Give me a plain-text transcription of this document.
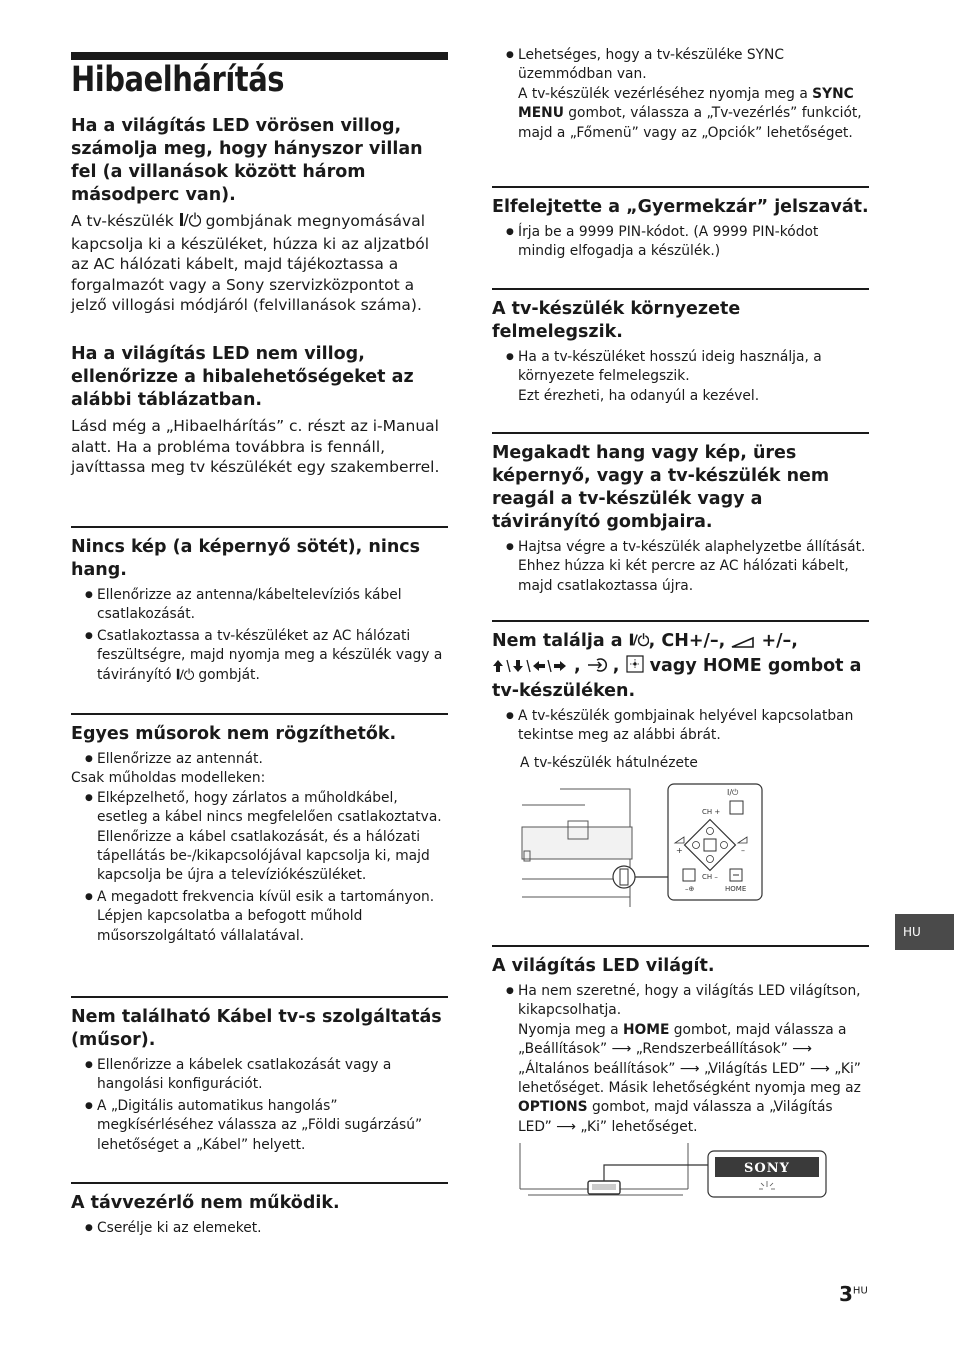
Hibaelhárítás

Ha a világítás LED vörösen villog, számolja meg, hogy hányszor villan fel (a villanások között három másodperc van).

A tv-készülék  gombjának megnyomásával kapcsolja ki a készüléket, húzza ki az aljzatból az AC hálózati kábelt, majd tájékoztassa a forgalmazót vagy a Sony szervizközpontot a jelző villogási módjáról (felvillanások száma).

Ha a világítás LED nem villog, ellenőrizze a hibalehetőségeket az alábbi táblázatban.

Lásd még a „Hibaelhárítás” c. részt az i-Manual alatt. Ha a probléma továbbra is fennáll, javíttassa meg tv készülékét egy szakemberrel.

Nincs kép (a képernyő sötét), nincs hang.

● Ellenőrizze az antenna/kábeltelevíziós kábel csatlakozását.
● Csatlakoztassa a tv-készüléket az AC hálózati feszültségre, majd nyomja meg a készülék vagy a távirányító  gombját.

Egyes műsorok nem rögzíthetők.

● Ellenőrizze az antennát.

Csak műholdas modelleken:

● Elképzelhető, hogy zárlatos a műholdkábel, esetleg a kábel nincs megfelelően csatlakoztatva. Ellenőrizze a kábel csatlakozását, és a hálózati tápellátás be-/kikapcsolójával kapcsolja ki, majd kapcsolja be újra a televíziókészüléket.
● A megadott frekvencia kívül esik a tartományon. Lépjen kapcsolatba a befogott műhold műsorszolgáltató vállalatával.

Nem található Kábel tv-s szolgáltatás (műsor).

● Ellenőrizze a kábelek csatlakozását vagy a hangolási konfigurációt.
● A „Digitális automatikus hangolás” megkísérléséhez válassza az „Földi sugárzású” lehetőséget a „Kábel” helyett.

A távvezérlő nem működik.

● Cserélje ki az elemeket.
● Lehetséges, hogy a tv-készüléke SYNC üzemmódban van.
A tv-készülék vezérléséhez nyomja meg a SYNC MENU gombot, válassza a „Tv-vezérlés” funkciót, majd a „Főmenü” vagy az „Opciók” lehetőséget.

Elfelejtette a „Gyermekzár” jelszavát.

● Írja be a 9999 PIN-kódot. (A 9999 PIN-kódot mindig elfogadja a készülék.)

A tv-készülék környezete felmelegszik.

● Ha a tv-készüléket hosszú ideig használja, a környezete felmelegszik.
Ezt érezheti, ha odanyúl a kezével.

Megakadt hang vagy kép, üres képernyő, vagy a tv-készülék nem reagál a tv-készülék vagy a távirányító gombjaira.

● Hajtsa végre a tv-készülék alaphelyzetbe állítását. Ehhez húzza ki két percre az AC hálózati kábelt, majd csatlakoztassa újra.

Nem találja a , CH+/–,  +/–,
, ,  vagy HOME gombot a tv-készüléken.

● A tv-készülék gombjainak helyével kapcsolatban tekintse meg az alábbi ábrát.

A tv-készülék hátulnézete

I/⏻
+	–
CH +
CH –
–⊕	HOME

A világítás LED világít.

● Ha nem szeretné, hogy a világítás LED világítson, kikapcsolhatja.
Nyomja meg a HOME gombot, majd válassza a „Beállítások” ⟶ „Rendszerbeállítások” ⟶ „Általános beállítások” ⟶ „Világítás LED” ⟶ „Ki” lehetőséget. Másik lehetőségként nyomja meg az OPTIONS gombot, majd válassza a „Világítás LED” ⟶ „Ki” lehetőséget.
SONY
HU
$3^{HU}$
